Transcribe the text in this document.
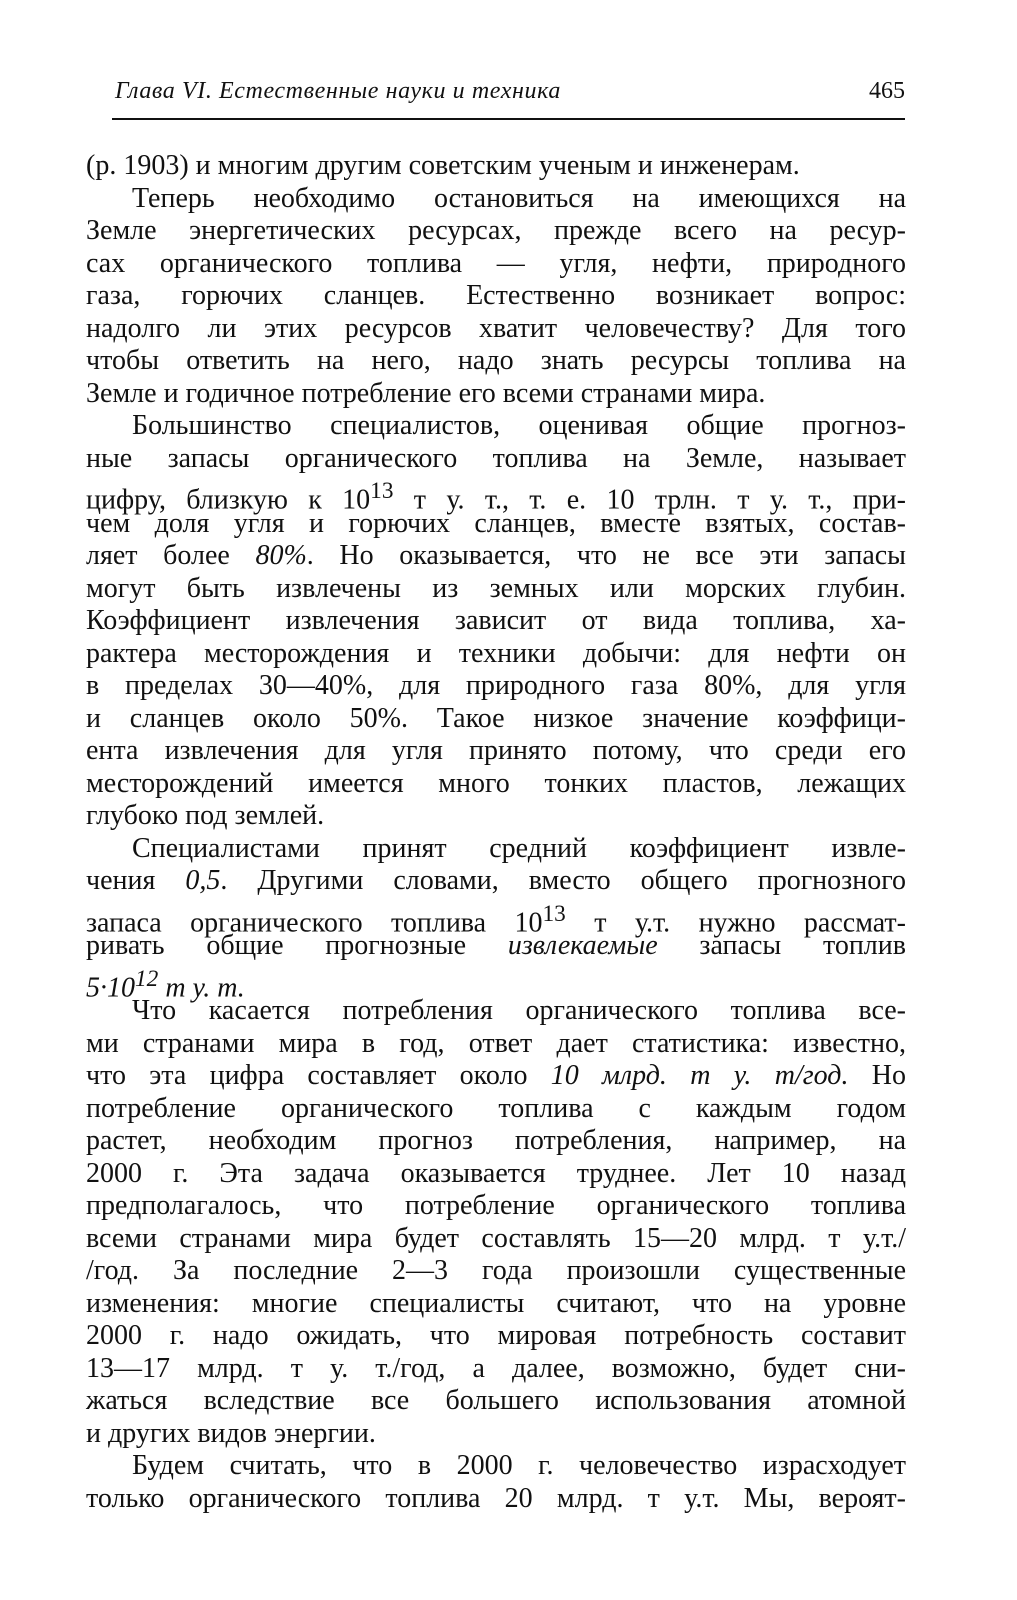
Глава VI. Естественные науки и техника	465
(р. 1903) и многим другим советским ученым и инженерам.
Теперь необходимо остановиться на имеющихся на
Земле энергетических ресурсах, прежде всего на ресур-
сах органического топлива — угля, нефти, природного
газа, горючих сланцев. Естественно возникает вопрос:
надолго ли этих ресурсов хватит человечеству? Для того
чтобы ответить на него, надо знать ресурсы топлива на
Земле и годичное потребление его всеми странами мира.
Большинство специалистов, оценивая общие прогноз-
ные запасы органического топлива на Земле, называет
цифру, близкую к $10^{13}$ т у. т., т. е. 10 трлн. т у. т., при-
чем доля угля и горючих сланцев, вместе взятых, состав-
ляет более 80%. Но оказывается, что не все эти запасы
могут быть извлечены из земных или морских глубин.
Коэффициент извлечения зависит от вида топлива, ха-
рактера месторождения и техники добычи: для нефти он
в пределах 30—40%, для природного газа 80%, для угля
и сланцев около 50%. Такое низкое значение коэффици-
ента извлечения для угля принято потому, что среди его
месторождений имеется много тонких пластов, лежащих
глубоко под землей.
Специалистами принят средний коэффициент извле-
чения 0,5. Другими словами, вместо общего прогнозного
запаса органического топлива $10^{13}$ т у.т. нужно рассмат-
ривать общие прогнозные извлекаемые запасы топлив
$5\cdot 10^{12}$ т у. т.
Что касается потребления органического топлива все-
ми странами мира в год, ответ дает статистика: известно,
что эта цифра составляет около 10 млрд. т у. т/год. Но
потребление органического топлива с каждым годом
растет, необходим прогноз потребления, например, на
2000 г. Эта задача оказывается труднее. Лет 10 назад
предполагалось, что потребление органического топлива
всеми странами мира будет составлять 15—20 млрд. т у.т./
/год. За последние 2—3 года произошли существенные
изменения: многие специалисты считают, что на уровне
2000 г. надо ожидать, что мировая потребность составит
13—17 млрд. т у. т./год, а далее, возможно, будет сни-
жаться вследствие все большего использования атомной
и других видов энергии.
Будем считать, что в 2000 г. человечество израсходует
только органического топлива 20 млрд. т у.т. Мы, вероят-
